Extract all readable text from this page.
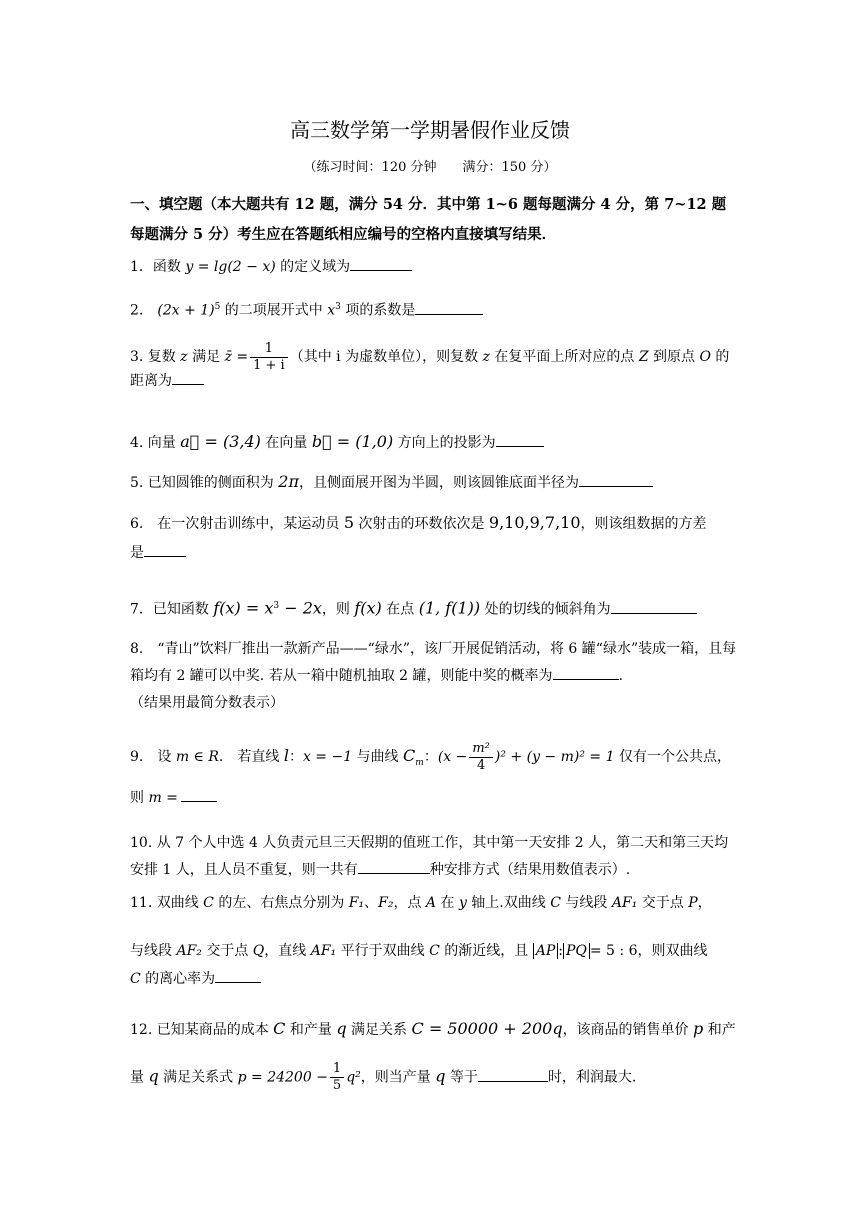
高三数学第一学期暑假作业反馈
（练习时间：120 分钟　　满分：150 分）
一、填空题（本大题共有 12 题，满分 54 分．其中第 1~6 题每题满分 4 分，第 7~12 题每题满分 5 分）考生应在答题纸相应编号的空格内直接填写结果．
1．函数 y = lg(2 − x) 的定义域为
2.　$(2x + 1)^5$ 的二项展开式中 $x^3$ 项的系数是

3. 复数 z 满足 z̄ = $\frac{1}{1 + i}$ （其中 i 为虚数单位），则复数 z 在复平面上所对应的点 Z 到原点 O 的

距离为

4. 向量 a⃗ = (3,4) 在向量 b⃗ = (1,0) 方向上的投影为
5. 已知圆锥的侧面积为 2π，且侧面展开图为半圆，则该圆锥底面半径为

6.　在一次射击训练中，某运动员 5 次射击的环数依次是 9,10,9,7,10，则该组数据的方差

是

7．已知函数 $f(x) = x^3 - 2x$，则 f(x) 在点 (1, f(1)) 处的切线的倾斜角为

8.　“青山”饮料厂推出一款新产品——“绿水”，该厂开展促销活动，将 6 罐“绿水”装成一箱，且每箱均有 2 罐可以中奖. 若从一箱中随机抽取 2 罐，则能中奖的概率为	.

（结果用最简分数表示）

9.　设 m ∈ R.　若直线 l：x = −1 与曲线 $C_m$：$(x - \frac{\text{m²}}{4} )^2 + (y - m)^2 = 1$ 仅有一个公共点，

则 m =

10. 从 7 个人中选 4 人负责元旦三天假期的值班工作，其中第一天安排 2 人，第二天和第三天均安排 1 人，且人员不重复，则一共有	种安排方式（结果用数值表示）.

11. 双曲线 C 的左、右焦点分别为 F₁、F₂，点 A 在 y 轴上.双曲线 C 与线段 AF₁ 交于点 P，

与线段 AF₂ 交于点 Q，直线 AF₁ 平行于双曲线 C 的渐近线，且 AP : PQ = 5 : 6，则双曲线

C 的离心率为

12. 已知某商品的成本 C 和产量 q 满足关系 C = 50000 + 200q，该商品的销售单价 p 和产

量 q 满足关系式 $p = 24200 - \frac{1}{5} q^2$，则当产量 q 等于	时，利润最大.
